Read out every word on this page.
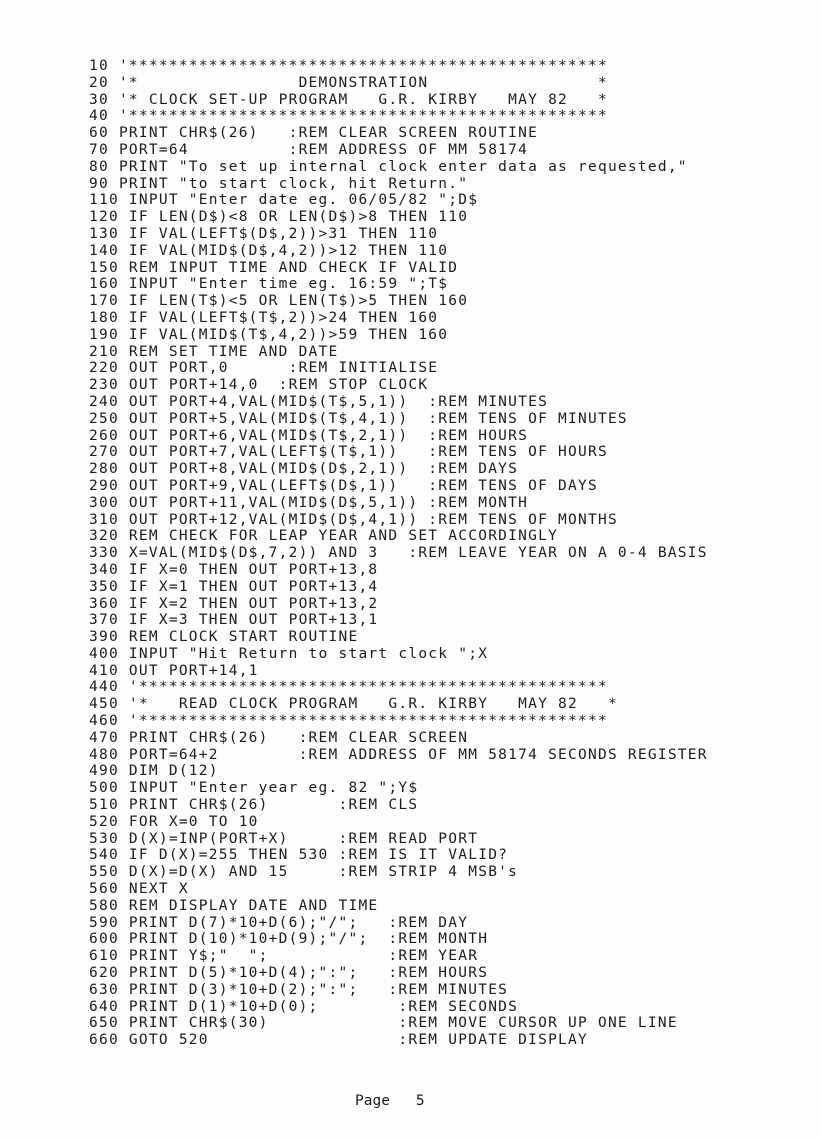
10 '************************************************
20 '*                DEMONSTRATION                 *
30 '* CLOCK SET-UP PROGRAM   G.R. KIRBY   MAY 82   *
40 '************************************************
60 PRINT CHR$(26)   :REM CLEAR SCREEN ROUTINE
70 PORT=64          :REM ADDRESS OF MM 58174
80 PRINT "To set up internal clock enter data as requested,"
90 PRINT "to start clock, hit Return."
110 INPUT "Enter date eg. 06/05/82 ";D$
120 IF LEN(D$)<8 OR LEN(D$)>8 THEN 110
130 IF VAL(LEFT$(D$,2))>31 THEN 110
140 IF VAL(MID$(D$,4,2))>12 THEN 110
150 REM INPUT TIME AND CHECK IF VALID
160 INPUT "Enter time eg. 16:59 ";T$
170 IF LEN(T$)<5 OR LEN(T$)>5 THEN 160
180 IF VAL(LEFT$(T$,2))>24 THEN 160
190 IF VAL(MID$(T$,4,2))>59 THEN 160
210 REM SET TIME AND DATE
220 OUT PORT,0      :REM INITIALISE
230 OUT PORT+14,0  :REM STOP CLOCK
240 OUT PORT+4,VAL(MID$(T$,5,1))  :REM MINUTES
250 OUT PORT+5,VAL(MID$(T$,4,1))  :REM TENS OF MINUTES
260 OUT PORT+6,VAL(MID$(T$,2,1))  :REM HOURS
270 OUT PORT+7,VAL(LEFT$(T$,1))   :REM TENS OF HOURS
280 OUT PORT+8,VAL(MID$(D$,2,1))  :REM DAYS
290 OUT PORT+9,VAL(LEFT$(D$,1))   :REM TENS OF DAYS
300 OUT PORT+11,VAL(MID$(D$,5,1)) :REM MONTH
310 OUT PORT+12,VAL(MID$(D$,4,1)) :REM TENS OF MONTHS
320 REM CHECK FOR LEAP YEAR AND SET ACCORDINGLY
330 X=VAL(MID$(D$,7,2)) AND 3   :REM LEAVE YEAR ON A 0-4 BASIS
340 IF X=0 THEN OUT PORT+13,8
350 IF X=1 THEN OUT PORT+13,4
360 IF X=2 THEN OUT PORT+13,2
370 IF X=3 THEN OUT PORT+13,1
390 REM CLOCK START ROUTINE
400 INPUT "Hit Return to start clock ";X
410 OUT PORT+14,1
440 '***********************************************
450 '*   READ CLOCK PROGRAM   G.R. KIRBY   MAY 82   *
460 '***********************************************
470 PRINT CHR$(26)   :REM CLEAR SCREEN
480 PORT=64+2        :REM ADDRESS OF MM 58174 SECONDS REGISTER
490 DIM D(12)
500 INPUT "Enter year eg. 82 ";Y$
510 PRINT CHR$(26)       :REM CLS
520 FOR X=0 TO 10
530 D(X)=INP(PORT+X)     :REM READ PORT
540 IF D(X)=255 THEN 530 :REM IS IT VALID?
550 D(X)=D(X) AND 15     :REM STRIP 4 MSB's
560 NEXT X
580 REM DISPLAY DATE AND TIME
590 PRINT D(7)*10+D(6);"/";   :REM DAY
600 PRINT D(10)*10+D(9);"/";  :REM MONTH
610 PRINT Y$;"  ";            :REM YEAR
620 PRINT D(5)*10+D(4);":";   :REM HOURS
630 PRINT D(3)*10+D(2);":";   :REM MINUTES
640 PRINT D(1)*10+D(0);        :REM SECONDS
650 PRINT CHR$(30)             :REM MOVE CURSOR UP ONE LINE
660 GOTO 520                   :REM UPDATE DISPLAY
Page 5
